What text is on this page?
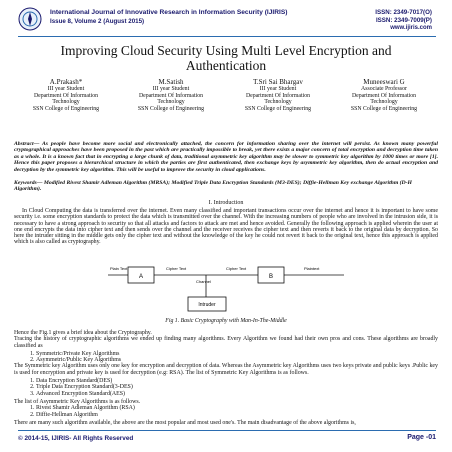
International Journal of Innovative Research in Information Security (IJIRIS)
Issue 8, Volume 2 (August 2015)
ISSN: 2349-7017(O)
ISSN: 2349-7009(P)
www.ijiris.com
Improving Cloud Security Using Multi Level Encryption and Authentication
A.Prakash*
III year Student
Department Of Information
Technology
SSN College of Engineering
M.Satish
III year Student
Department Of Information
Technology
SSN College of Engineering
T.Sri Sai Bhargav
III year Student
Department Of Information
Technology
SSN College of Engineering
Muneeswari G
Associate Professor
Department Of Information
Technology
SSN College of Engineering
Abstract— As people have become more social and electronically attached, the concern for information sharing over the internet will persist. As known many powerful cryptographical approaches have been proposed in the past which are practically impossible to break, yet there exists a major concern of total encryption and decryption time taken as a whole. It is a known fact that in encrypting a large chunk of data, traditional asymmetric key algorithm may be slower to symmetric key algorithm by 1000 times or more [1]. Hence this paper proposes a hierarchical structure in which the parties are first authenticated, then exchange keys by asymmetric key algorithm, then do actual encryption and decryption by the symmetric key algorithm. This will be useful to improve the security in cloud applications.
Keywords— Modified Rivest Shamir Adleman Algorithm (MRSA); Modified Triple Data Encryption Standards (M3-DES); Diffie-Hellman Key exchange Algorithm (D-H Algorithm).
I. Introduction
In Cloud Computing the data is transferred over the internet. Even many classified and important transactions occur over the internet and hence it is important to have some security i.e. some encryption standards to protect the data which is transmitted over the channel. With the increasing numbers of people who are involved in the intrusion side, it is necessary to have a strong approach to security so that all attacks and factors to attack are met and hence avoided. Generally the following approach is applied wherein the user at one end encrypts the data into cipher text and then sends over the channel and the receiver receives the cipher text and then reverts it back to the original data by decryption. So here the intruder sitting in the middle gets only the cipher text and without the knowledge of the key he could not revert it back to the original text, hence this approach is applied which is also called as cryptography.
A	B
Plain Text	Cipher Text	Cipher Text	Plaintext
Channel
Intruder
Fig 1. Basic Cryptography with Man-In-The-Middle

Hence the Fig.1 gives a brief idea about the Cryptography.

Tracing the history of cryptographic algorithms we ended up finding many algorithms. Every Algorithm we found had their own pros and cons. These algorithms are broadly classified as

1. Symmetric/Private Key Algorithms
2. Asymmetric/Public Key Algorithms

The Symmetric key Algorithm uses only one key for encryption and decryption of data. Whereas the Asymmetric key Algorithms uses two keys private and public keys .Public key is used for encryption and private key is used for decryption (e.g: RSA). The list of Symmetric Key Algorithms is as follows.

1. Data Encryption Standard(DES)
2. Triple Data Encryption Standard(3-DES)
3. Advanced Encryption Standard(AES)

The list of Asymmetric Key Algorithms is as follows.

1. Rivest Shamir Adleman Algorithm (RSA)
2. Diffie-Hellman Algorithm

There are many such algorithm available, the above are the most popular and most used one's. The main disadvantage of the above algorithms is,

© 2014-15, IJIRIS- All Rights Reserved	Page -01
